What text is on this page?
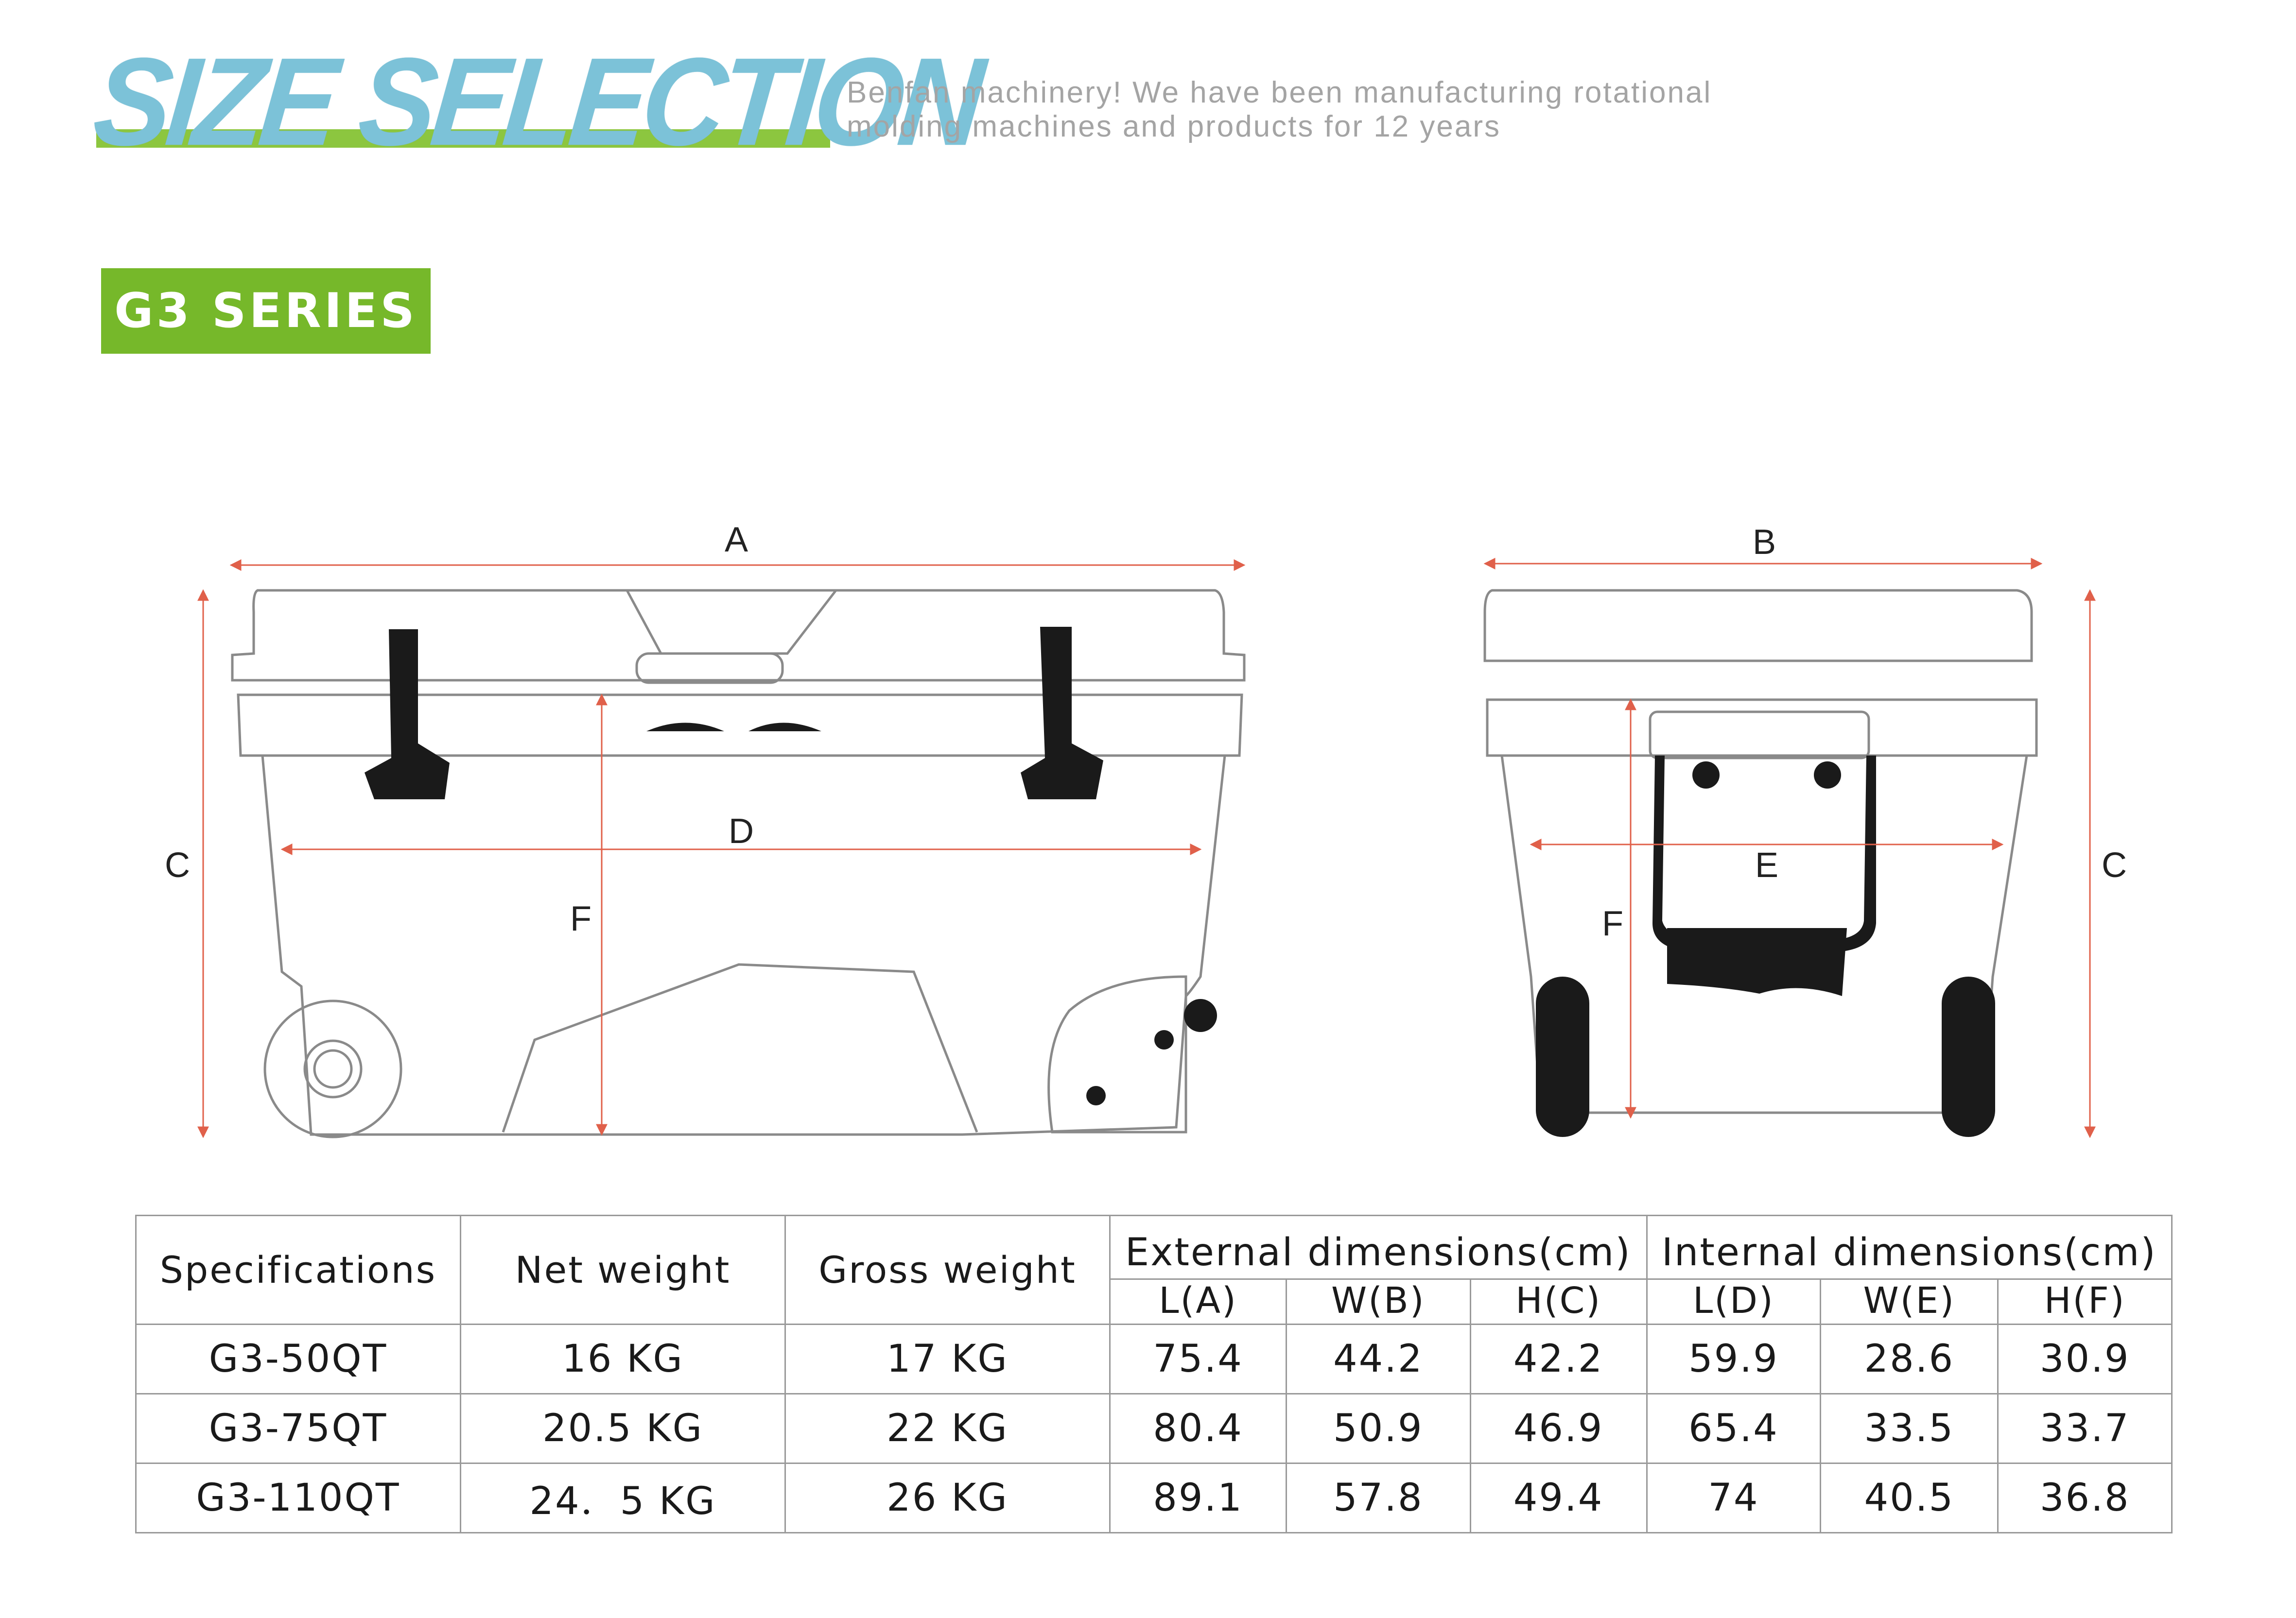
SIZE SELECTION
Benfan machinery! We have been manufacturing rotational
molding machines and products for 12 years
G3 SERIES
A
C
D
F
B
C
E
F
Specifications	Net weight	Gross weight	External dimensions(cm)			Internal dimensions(cm)		
			L(A)	W(B)	H(C)	L(D)	W(E)	H(F)
G3-50QT	16 KG	17 KG	75.4	44.2	42.2	59.9	28.6	30.9
G3-75QT	20.5 KG	22 KG	80.4	50.9	46.9	65.4	33.5	33.7
G3-110QT	24．5 KG	26 KG	89.1	57.8	49.4	74	40.5	36.8
